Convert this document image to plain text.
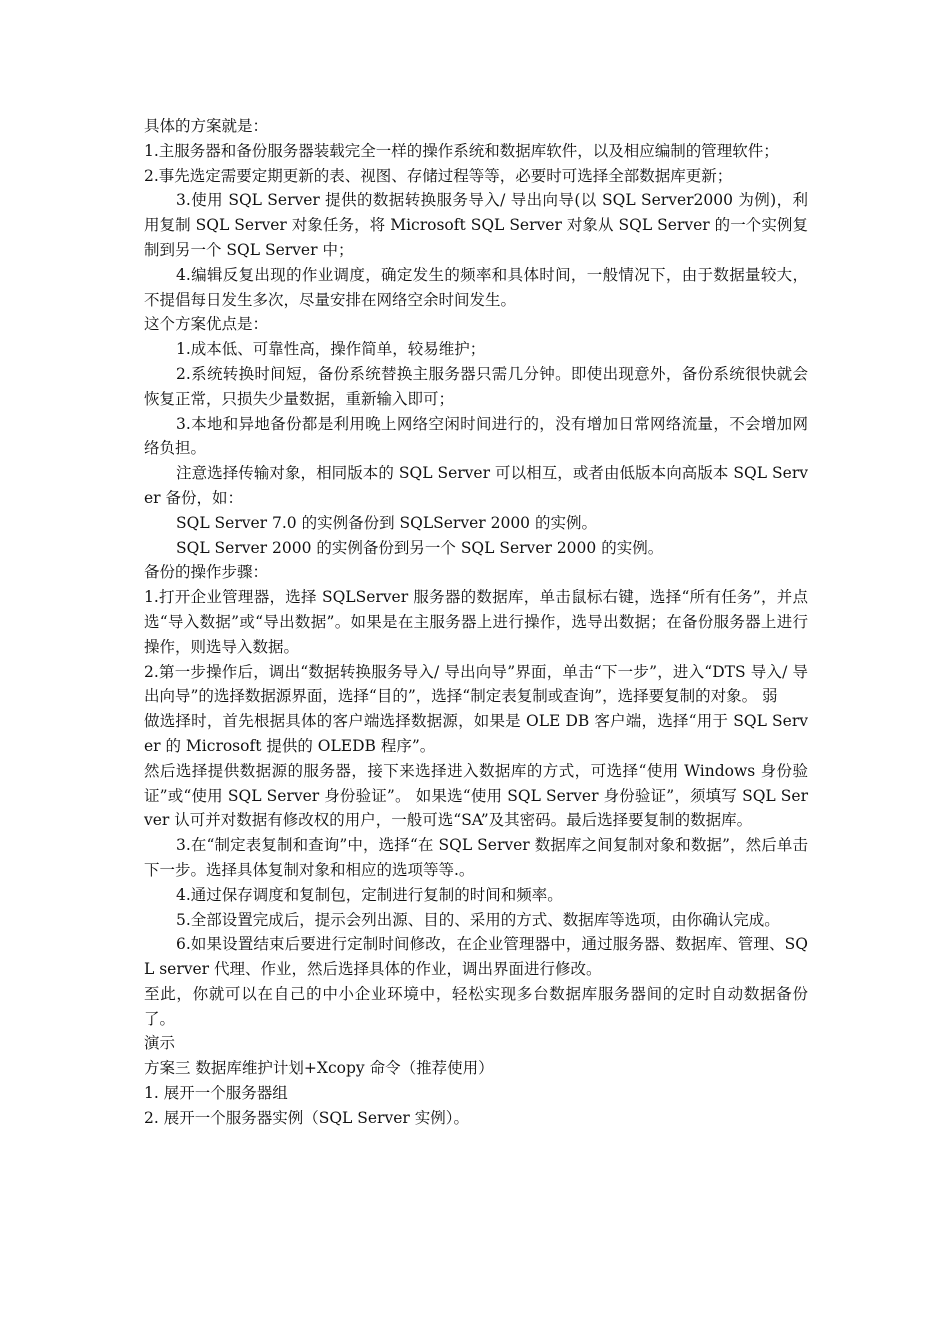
具体的方案就是：

1.主服务器和备份服务器装载完全一样的操作系统和数据库软件，以及相应编制的管理软件；

2.事先选定需要定期更新的表、视图、存储过程等等，必要时可选择全部数据库更新；

3.使用 SQL Server 提供的数据转换服务导入/ 导出向导(以 SQL Server2000 为例)，利用复制 SQL Server 对象任务，将 Microsoft SQL Server 对象从 SQL Server 的一个实例复制到另一个 SQL Server 中；

4.编辑反复出现的作业调度，确定发生的频率和具体时间，一般情况下，由于数据量较大，不提倡每日发生多次，尽量安排在网络空余时间发生。

这个方案优点是：

1.成本低、可靠性高，操作简单，较易维护；

2.系统转换时间短，备份系统替换主服务器只需几分钟。即使出现意外，备份系统很快就会恢复正常，只损失少量数据，重新输入即可；

3.本地和异地备份都是利用晚上网络空闲时间进行的，没有增加日常网络流量，不会增加网络负担。

注意选择传输对象，相同版本的 SQL Server 可以相互，或者由低版本向高版本 SQL Server 备份，如：

SQL Server 7.0 的实例备份到 SQLServer 2000 的实例。

SQL Server 2000 的实例备份到另一个 SQL Server 2000 的实例。

备份的操作步骤：

1.打开企业管理器，选择 SQLServer 服务器的数据库，单击鼠标右键，选择“所有任务”，并点选“导入数据”或“导出数据”。如果是在主服务器上进行操作，选导出数据；在备份服务器上进行操作，则选导入数据。

2.第一步操作后，调出“数据转换服务导入/ 导出向导”界面，单击“下一步”，进入“DTS 导入/ 导出向导”的选择数据源界面，选择“目的”，选择“制定表复制或查询”，选择要复制的对象。 弱

做选择时，首先根据具体的客户端选择数据源，如果是 OLE DB 客户端，选择“用于 SQL Server 的 Microsoft 提供的 OLEDB 程序”。

然后选择提供数据源的服务器，接下来选择进入数据库的方式，可选择“使用 Windows 身份验证”或“使用 SQL Server 身份验证”。 如果选“使用 SQL Server 身份验证”，须填写 SQL Server 认可并对数据有修改权的用户，一般可选“SA”及其密码。最后选择要复制的数据库。

3.在“制定表复制和查询”中，选择“在 SQL Server 数据库之间复制对象和数据”，然后单击下一步。选择具体复制对象和相应的选项等等.。

4.通过保存调度和复制包，定制进行复制的时间和频率。

5.全部设置完成后，提示会列出源、目的、采用的方式、数据库等选项，由你确认完成。

6.如果设置结束后要进行定制时间修改，在企业管理器中，通过服务器、数据库、管理、SQL server 代理、作业，然后选择具体的作业，调出界面进行修改。

至此，你就可以在自己的中小企业环境中，轻松实现多台数据库服务器间的定时自动数据备份了。

演示

方案三 数据库维护计划+Xcopy 命令（推荐使用）

1. 展开一个服务器组

2. 展开一个服务器实例（SQL Server 实例）。
